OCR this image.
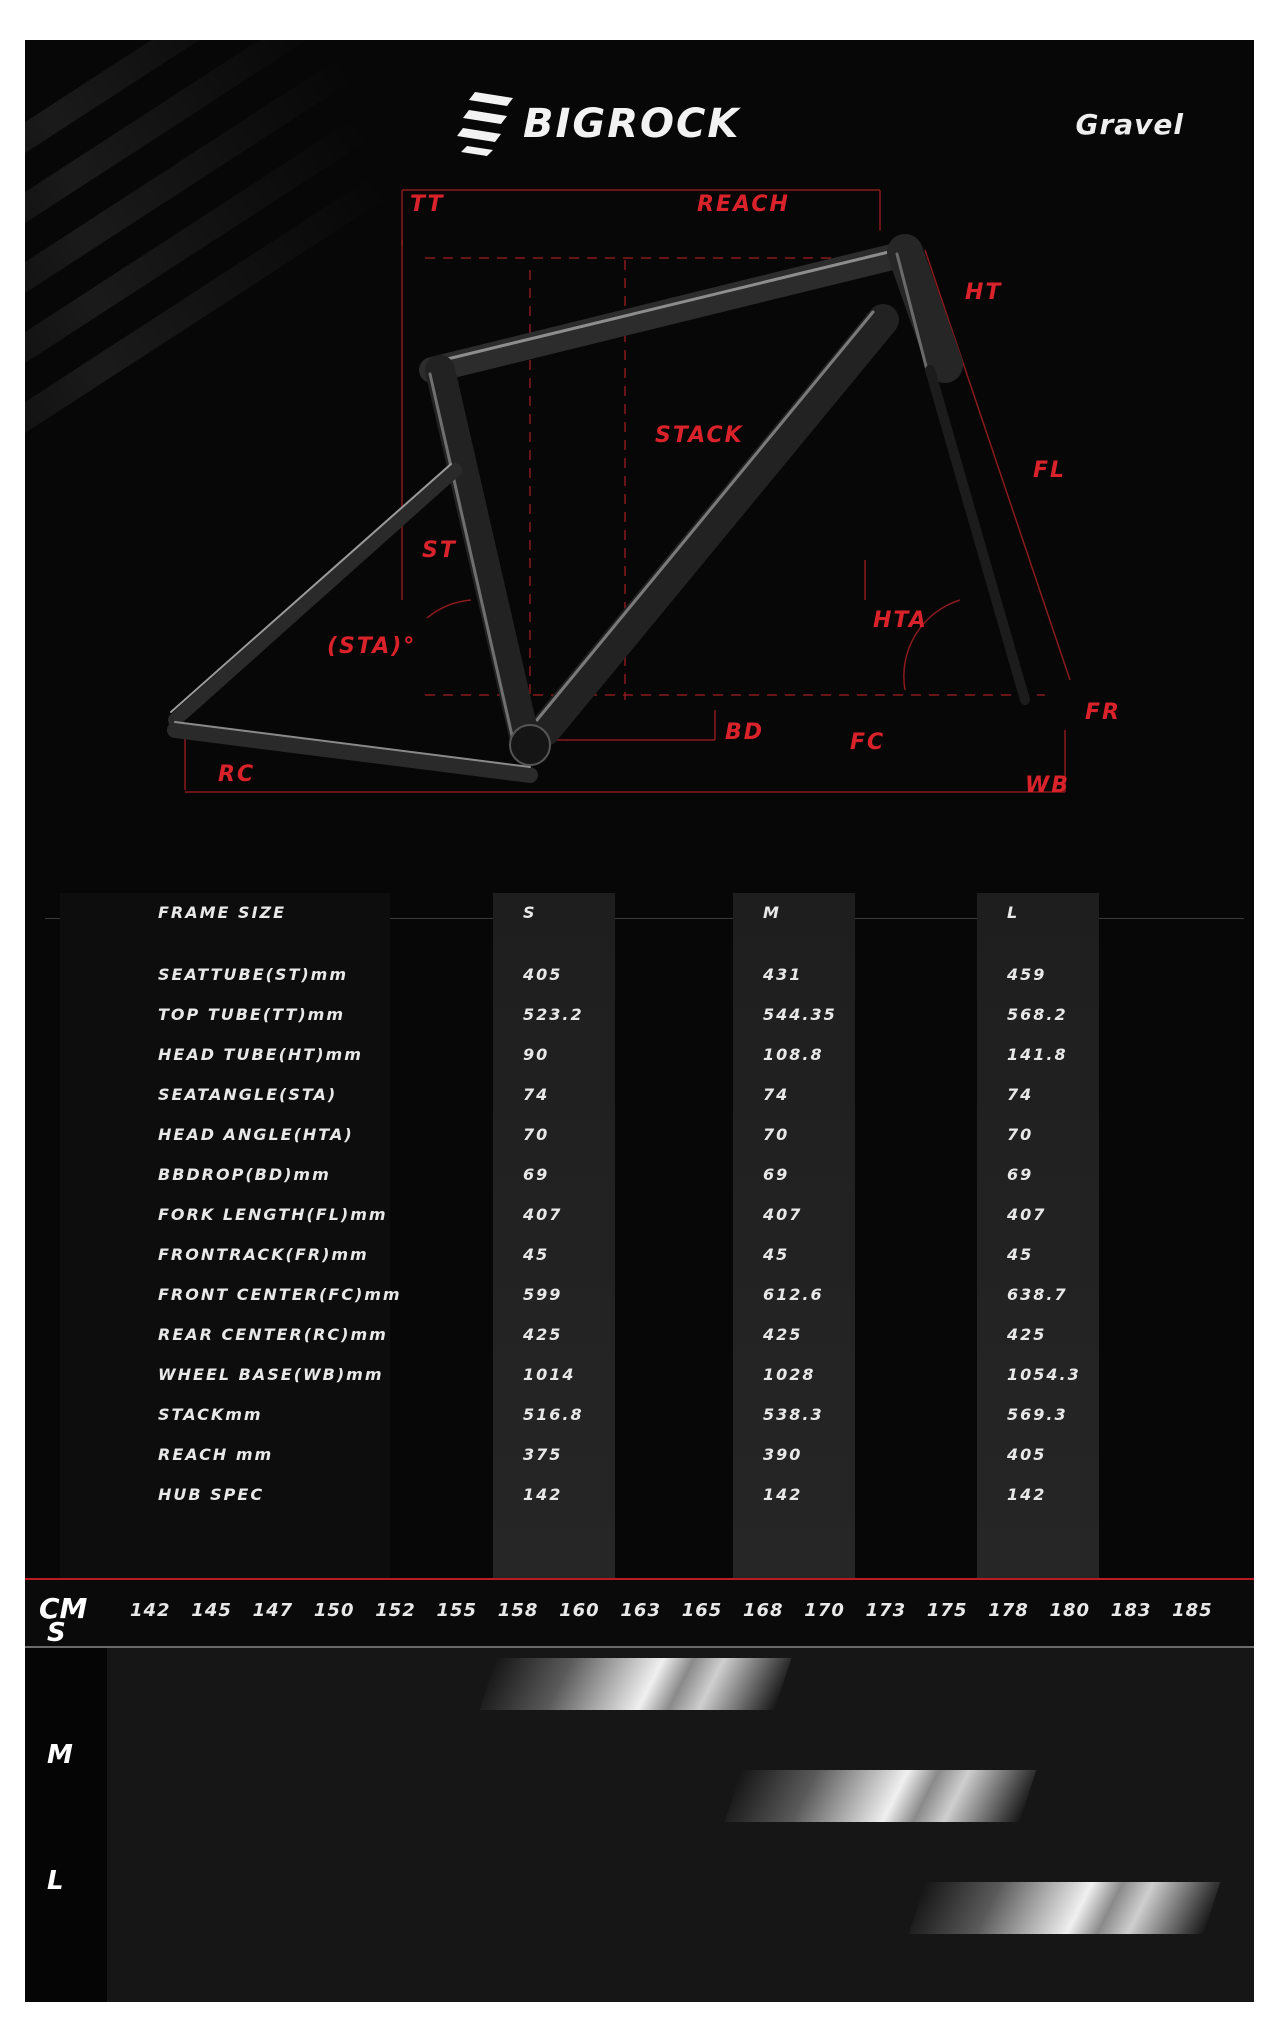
BIGROCK	Gravel
TT	REACH
HT
STACK
FL
ST
(STA)°
HTA
BD	FC
FR
RC	WB
FRAME SIZE	S	M	L
SEATTUBE(ST)mm	405	431	459
TOP TUBE(TT)mm	523.2	544.35	568.2
HEAD TUBE(HT)mm	90	108.8	141.8
SEATANGLE(STA)	74	74	74
HEAD ANGLE(HTA)	70	70	70
BBDROP(BD)mm	69	69	69
FORK LENGTH(FL)mm	407	407	407
FRONTRACK(FR)mm	45	45	45
FRONT CENTER(FC)mm	599	612.6	638.7
REAR CENTER(RC)mm	425	425	425
WHEEL BASE(WB)mm	1014	1028	1054.3
STACKmm	516.8	538.3	569.3
REACH mm	375	390	405
HUB SPEC	142	142	142
CM 142 145 147 150 152 155 158 160 163 165 168 170 173 175 178 180 183 185
S
M
L
